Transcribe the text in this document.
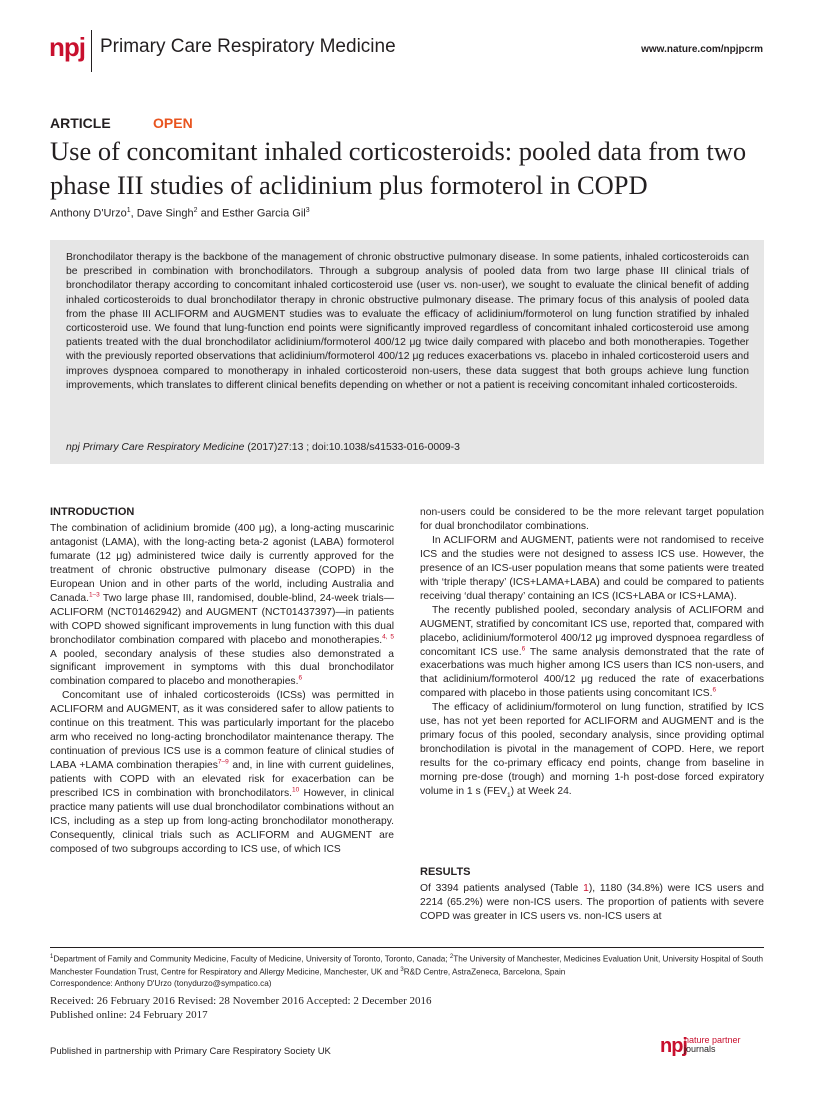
npj Primary Care Respiratory Medicine	www.nature.com/npjpcrm
ARTICLE	OPEN
Use of concomitant inhaled corticosteroids: pooled data from two phase III studies of aclidinium plus formoterol in COPD
Anthony D'Urzo$^1$, Dave Singh$^2$ and Esther Garcia Gil$^3$
Bronchodilator therapy is the backbone of the management of chronic obstructive pulmonary disease. In some patients, inhaled corticosteroids can be prescribed in combination with bronchodilators. Through a subgroup analysis of pooled data from two large phase III clinical trials of bronchodilator therapy according to concomitant inhaled corticosteroid use (user vs. non-user), we sought to evaluate the clinical benefit of adding inhaled corticosteroids to dual bronchodilator therapy in chronic obstructive pulmonary disease. The primary focus of this analysis of pooled data from the phase III ACLIFORM and AUGMENT studies was to evaluate the efficacy of aclidinium/formoterol on lung function stratified by inhaled corticosteroid use. We found that lung-function end points were significantly improved regardless of concomitant inhaled corticosteroid use among patients treated with the dual bronchodilator aclidinium/formoterol 400/12 μg twice daily compared with placebo and both monotherapies. Together with the previously reported observations that aclidinium/formoterol 400/12 μg reduces exacerbations vs. placebo in inhaled corticosteroid users and improves dyspnoea compared to monotherapy in inhaled corticosteroid non-users, these data suggest that both groups achieve lung function improvements, which translates to different clinical benefits depending on whether or not a patient is receiving concomitant inhaled corticosteroids.
npj Primary Care Respiratory Medicine (2017)27:13 ; doi:10.1038/s41533-016-0009-3
INTRODUCTION

The combination of aclidinium bromide (400 μg), a long-acting muscarinic antagonist (LAMA), with the long-acting beta-2 agonist (LABA) formoterol fumarate (12 μg) administered twice daily is currently approved for the treatment of chronic obstructive pulmonary disease (COPD) in the European Union and in other parts of the world, including Australia and Canada.$^{1-3}$ Two large phase III, randomised, double-blind, 24-week trials—ACLIFORM (NCT01462942) and AUGMENT (NCT01437397)—in patients with COPD showed significant improvements in lung function with this dual bronchodilator combination compared with placebo and monotherapies.$^{4, 5}$ A pooled, secondary analysis of these studies also demonstrated a significant improvement in symptoms with this dual bronchodilator combination compared to placebo and monotherapies.$^6$

Concomitant use of inhaled corticosteroids (ICSs) was permitted in ACLIFORM and AUGMENT, as it was considered safer to allow patients to continue on this treatment. This was particularly important for the placebo arm who received no long-acting bronchodilator maintenance therapy. The continuation of previous ICS use is a common feature of clinical studies of LABA +LAMA combination therapies$^{7-9}$ and, in line with current guidelines, patients with COPD with an elevated risk for exacerbation can be prescribed ICS in combination with bronchodilators.$^{10}$ However, in clinical practice many patients will use dual bronchodilator combinations without an ICS, including as a step up from long-acting bronchodilator monotherapy. Consequently, clinical trials such as ACLIFORM and AUGMENT are composed of two subgroups according to ICS use, of which ICS

non-users could be considered to be the more relevant target population for dual bronchodilator combinations.

In ACLIFORM and AUGMENT, patients were not randomised to receive ICS and the studies were not designed to assess ICS use. However, the presence of an ICS-user population means that some patients were treated with ‘triple therapy’ (ICS+LAMA+LABA) and could be compared to patients receiving ‘dual therapy’ containing an ICS (ICS+LABA or ICS+LAMA).

The recently published pooled, secondary analysis of ACLIFORM and AUGMENT, stratified by concomitant ICS use, reported that, compared with placebo, aclidinium/formoterol 400/12 μg improved dyspnoea regardless of concomitant ICS use.$^6$ The same analysis demonstrated that the rate of exacerbations was much higher among ICS users than ICS non-users, and that aclidinium/formoterol 400/12 μg reduced the rate of exacerbations compared with placebo in those patients using concomitant ICS.$^6$

The efficacy of aclidinium/formoterol on lung function, stratified by ICS use, has not yet been reported for ACLIFORM and AUGMENT and is the primary focus of this pooled, secondary analysis, since providing optimal bronchodilation is pivotal in the management of COPD. Here, we report results for the co-primary efficacy end points, change from baseline in morning pre-dose (trough) and morning 1-h post-dose forced expiratory volume in 1 s $(FEV_1)$ at Week 24.

RESULTS

Of 3394 patients analysed (Table 1), 1180 (34.8%) were ICS users and 2214 (65.2%) were non-ICS users. The proportion of patients with severe COPD was greater in ICS users vs. non-ICS users at

$^1$Department of Family and Community Medicine, Faculty of Medicine, University of Toronto, Toronto, Canada; $^2$The University of Manchester, Medicines Evaluation Unit, University Hospital of South Manchester Foundation Trust, Centre for Respiratory and Allergy Medicine, Manchester, UK and $^3$R&D Centre, AstraZeneca, Barcelona, Spain
Correspondence: Anthony D'Urzo (tonydurzo@sympatico.ca)
Received: 26 February 2016 Revised: 28 November 2016 Accepted: 2 December 2016
Published online: 24 February 2017
Published in partnership with Primary Care Respiratory Society UK	npj
nature partner
journals
